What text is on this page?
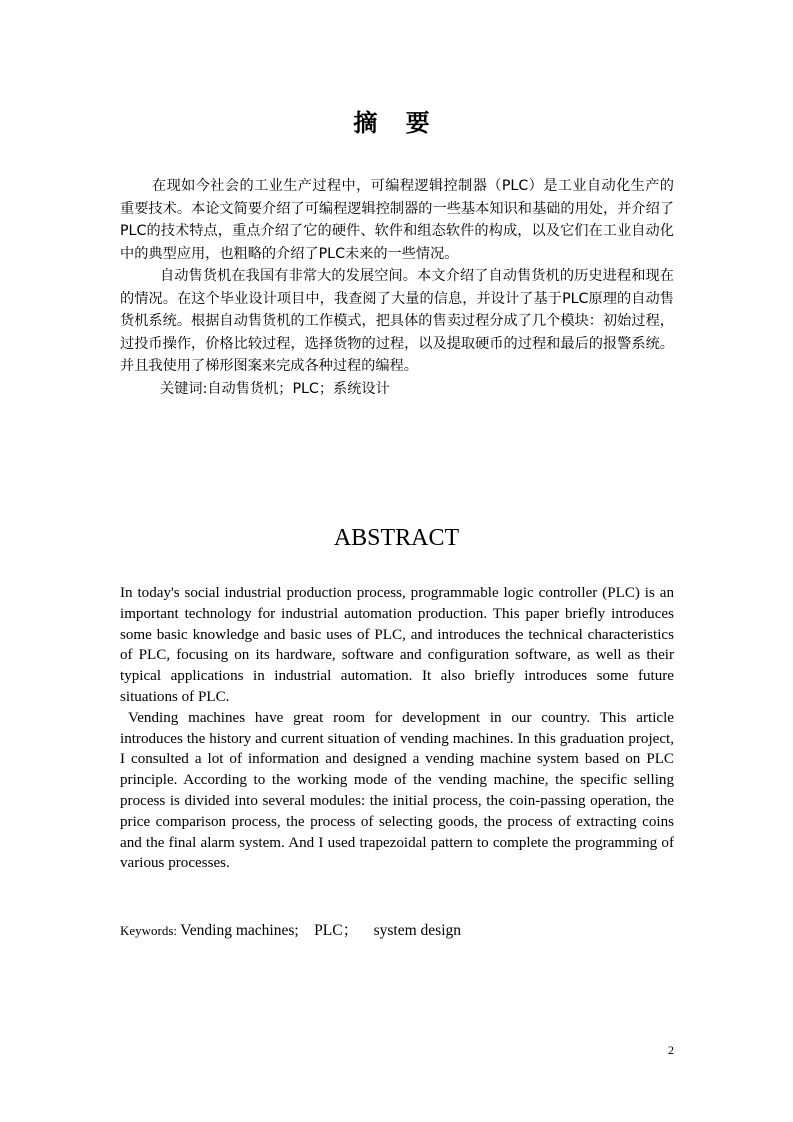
摘 要

在现如今社会的工业生产过程中，可编程逻辑控制器（PLC）是工业自动化生产的重要技术。本论文简要介绍了可编程逻辑控制器的一些基本知识和基础的用处，并介绍了PLC的技术特点，重点介绍了它的硬件、软件和组态软件的构成，以及它们在工业自动化中的典型应用，也粗略的介绍了PLC未来的一些情况。

自动售货机在我国有非常大的发展空间。本文介绍了自动售货机的历史进程和现在的情况。在这个毕业设计项目中，我查阅了大量的信息，并设计了基于PLC原理的自动售货机系统。根据自动售货机的工作模式，把具体的售卖过程分成了几个模块：初始过程，过投币操作，价格比较过程，选择货物的过程，以及提取硬币的过程和最后的报警系统。并且我使用了梯形图案来完成各种过程的编程。

关键词:自动售货机；PLC；系统设计

ABSTRACT

In today's social industrial production process, programmable logic controller (PLC) is an important technology for industrial automation production. This paper briefly introduces some basic knowledge and basic uses of PLC, and introduces the technical characteristics of PLC, focusing on its hardware, software and configuration software, as well as their typical applications in industrial automation. It also briefly introduces some future situations of PLC.

Vending machines have great room for development in our country. This article introduces the history and current situation of vending machines. In this graduation project, I consulted a lot of information and designed a vending machine system based on PLC principle. According to the working mode of the vending machine, the specific selling process is divided into several modules: the initial process, the coin-passing operation, the price comparison process, the process of selecting goods, the process of extracting coins and the final alarm system. And I used trapezoidal pattern to complete the programming of various processes.

Keywords: Vending machines;    PLC；    system design
2
